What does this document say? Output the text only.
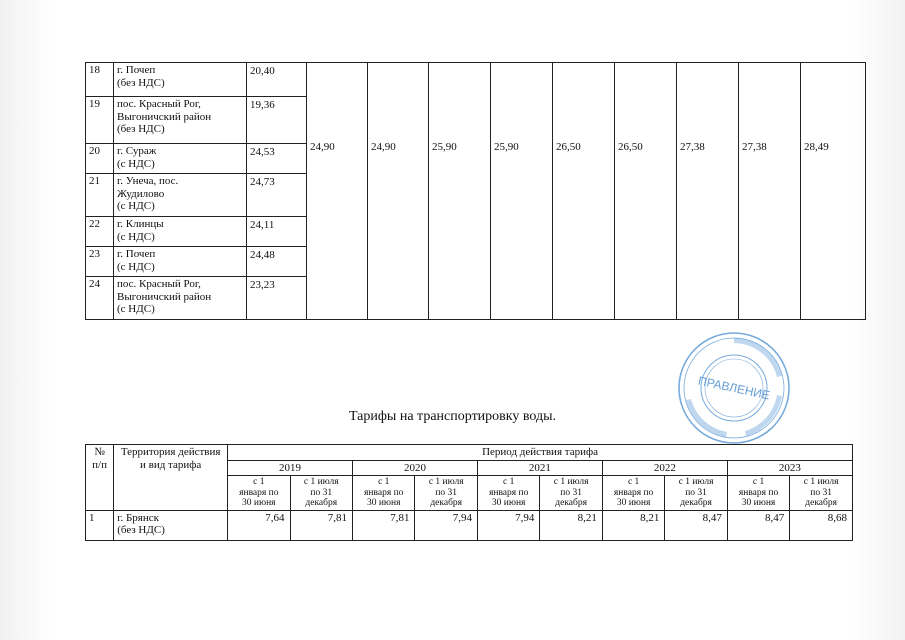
18	г. Почеп
(без НДС)	20,40	24,90	24,90	25,90	25,90	26,50	26,50	27,38	27,38	28,49
19	пос. Красный Рог,
Выгоничский район
(без НДС)	19,36									
20	г. Сураж
(с НДС)	24,53									
21	г. Унеча, пос.
Жудилово
(с НДС)	24,73									
22	г. Клинцы
(с НДС)	24,11									
23	г. Почеп
(с НДС)	24,48									
24	пос. Красный Рог,
Выгоничский район
(с НДС)	23,23									
Тарифы на транспортировку воды.
ПРАВЛЕНИЕ
№ п/п	Территория действия и вид тарифа	Период действия тарифа									
		2019		2020		2021		2022		2023	
		с 1
января по
30 июня	с 1 июля
по 31
декабря	с 1
января по
30 июня	с 1 июля
по 31
декабря	с 1
января по
30 июня	с 1 июля
по 31
декабря	с 1
января по
30 июня	с 1 июля
по 31
декабря	с 1
января по
30 июня	с 1 июля
по 31
декабря
1	г. Брянск
(без НДС)	7,64	7,81	7,81	7,94	7,94	8,21	8,21	8,47	8,47	8,68
